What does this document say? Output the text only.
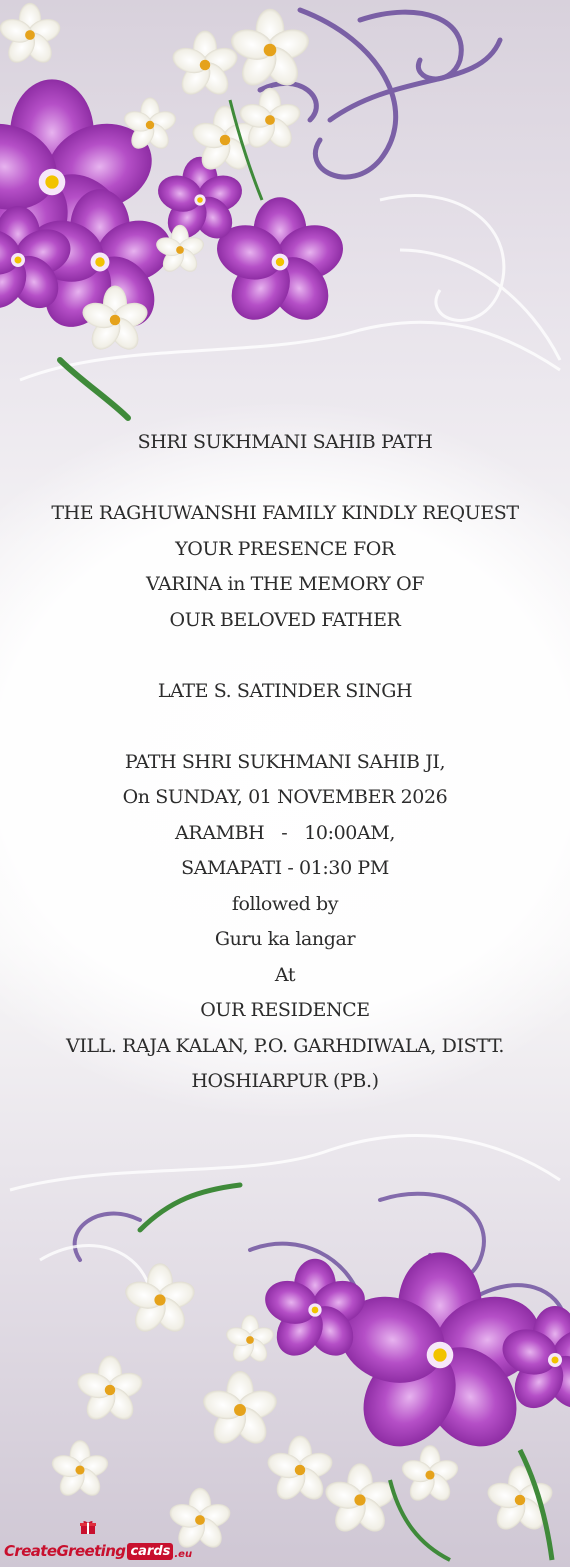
SHRI SUKHMANI SAHIB PATH
THE RAGHUWANSHI FAMILY KINDLY REQUEST
YOUR PRESENCE FOR
VARINA in THE MEMORY OF
OUR BELOVED FATHER
LATE S. SATINDER SINGH
PATH SHRI SUKHMANI SAHIB JI,
On SUNDAY, 01 NOVEMBER 2026
ARAMBH   -   10:00AM,
SAMAPATI - 01:30 PM
followed by
Guru ka langar
At
OUR RESIDENCE
VILL. RAJA KALAN, P.O. GARHDIWALA, DISTT.
HOSHIARPUR (PB.)
CreateGreeting cards .eu
